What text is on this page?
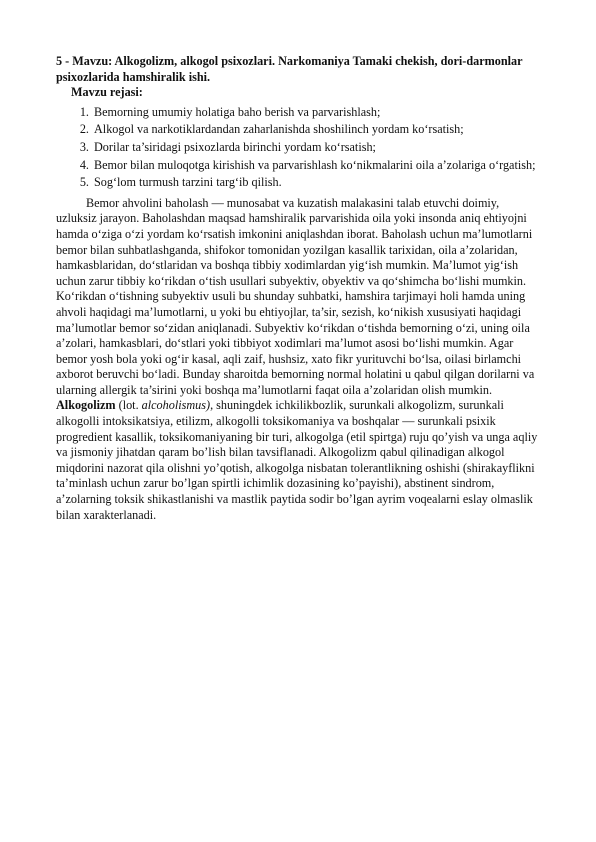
5 - Mavzu: Alkogolizm, alkogol psixozlari. Narkomaniya Tamaki chekish, dori-darmonlar psixozlarida hamshiralik ishi.

Mavzu rejasi:

1. Bemorning umumiy holatiga baho berish va parvarishlash;
2. Alkogol va narkotiklardandan zaharlanishda shoshilinch yordam ko‘rsatish;
3. Dorilar ta’siridagi psixozlarda birinchi yordam ko‘rsatish;
4. Bemor bilan muloqotga kirishish va parvarishlash ko‘nikmalarini oila a’zolariga o‘rgatish;
5. Sog‘lom turmush tarzini targ‘ib qilish.

Bemor ahvolini baholash — munosabat va kuzatish malakasini talab etuvchi doimiy, uzluksiz jarayon. Baholashdan maqsad hamshiralik parvarishida oila yoki insonda aniq ehtiyojni hamda o‘ziga o‘zi yordam ko‘rsatish imkonini aniqlashdan iborat. Baholash uchun ma’lumotlarni bemor bilan suhbatlashganda, shifokor tomonidan yozilgan kasallik tarixidan, oila a’zolaridan, hamkasblaridan, do‘stlaridan va boshqa tibbiy xodimlardan yig‘ish mumkin. Ma’lumot yig‘ish uchun zarur tibbiy ko‘rikdan o‘tish usullari subyektiv, obyektiv va qo‘shimcha bo‘lishi mumkin. Ko‘rikdan o‘tishning subyektiv usuli bu shunday suhbatki, hamshira tarjimayi holi hamda uning ahvoli haqidagi ma’lumotlarni, u yoki bu ehtiyojlar, ta’sir, sezish, ko‘nikish xususiyati haqidagi ma’lumotlar bemor so‘zidan aniqlanadi. Subyektiv ko‘rikdan o‘tishda bemorning o‘zi, uning oila a’zolari, hamkasblari, do‘stlari yoki tibbiyot xodimlari ma’lumot asosi bo‘lishi mumkin. Agar bemor yosh bola yoki og‘ir kasal, aqli zaif, hushsiz, xato fikr yurituvchi bo‘lsa, oilasi birlamchi axborot beruvchi bo‘ladi. Bunday sharoitda bemorning normal holatini u qabul qilgan dorilarni va ularning allergik ta’sirini yoki boshqa ma’lumotlarni faqat oila a’zolaridan olish mumkin.

Alkogolizm (lot. alcoholismus), shuningdek ichkilikbozlik, surunkali alkogolizm, surunkali alkogolli intoksikatsiya, etilizm, alkogolli toksikomaniya va boshqalar — surunkali psixik progredient kasallik, toksikomaniyaning bir turi, alkogolga (etil spirtga) ruju qo’yish va unga aqliy va jismoniy jihatdan qaram bo’lish bilan tavsiflanadi. Alkogolizm qabul qilinadigan alkogol miqdorini nazorat qila olishni yo’qotish, alkogolga nisbatan tolerantlikning oshishi (shirakayflikni ta’minlash uchun zarur bo’lgan spirtli ichimlik dozasining ko’payishi), abstinent sindrom, a’zolarning toksik shikastlanishi va mastlik paytida sodir bo’lgan ayrim voqealarni eslay olmaslik bilan xarakterlanadi.
